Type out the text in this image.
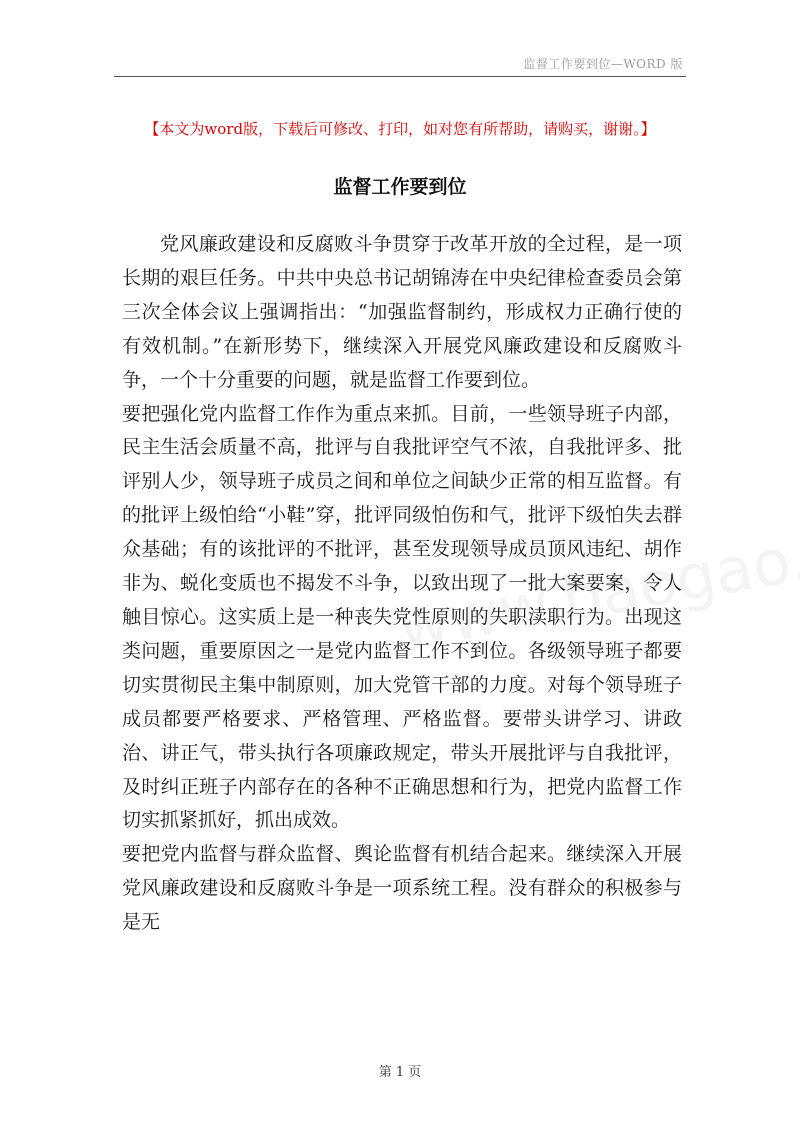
监督工作要到位—WORD 版
【本文为word版，下载后可修改、打印，如对您有所帮助，请购买，谢谢。】
监督工作要到位

党风廉政建设和反腐败斗争贯穿于改革开放的全过程，是一项长期的艰巨任务。中共中央总书记胡锦涛在中央纪律检查委员会第三次全体会议上强调指出：“加强监督制约，形成权力正确行使的有效机制。”在新形势下，继续深入开展党风廉政建设和反腐败斗争，一个十分重要的问题，就是监督工作要到位。

要把强化党内监督工作作为重点来抓。目前，一些领导班子内部，民主生活会质量不高，批评与自我批评空气不浓，自我批评多、批评别人少，领导班子成员之间和单位之间缺少正常的相互监督。有的批评上级怕给“小鞋”穿，批评同级怕伤和气，批评下级怕失去群众基础；有的该批评的不批评，甚至发现领导成员顶风违纪、胡作非为、蜕化变质也不揭发不斗争，以致出现了一批大案要案，令人触目惊心。这实质上是一种丧失党性原则的失职渎职行为。出现这类问题，重要原因之一是党内监督工作不到位。各级领导班子都要切实贯彻民主集中制原则，加大党管干部的力度。对每个领导班子成员都要严格要求、严格管理、严格监督。要带头讲学习、讲政治、讲正气，带头执行各项廉政规定，带头开展批评与自我批评，及时纠正班子内部存在的各种不正确思想和行为，把党内监督工作切实抓紧抓好，抓出成效。

要把党内监督与群众监督、舆论监督有机结合起来。继续深入开展党风廉政建设和反腐败斗争是一项系统工程。没有群众的积极参与是无

第 1 页
